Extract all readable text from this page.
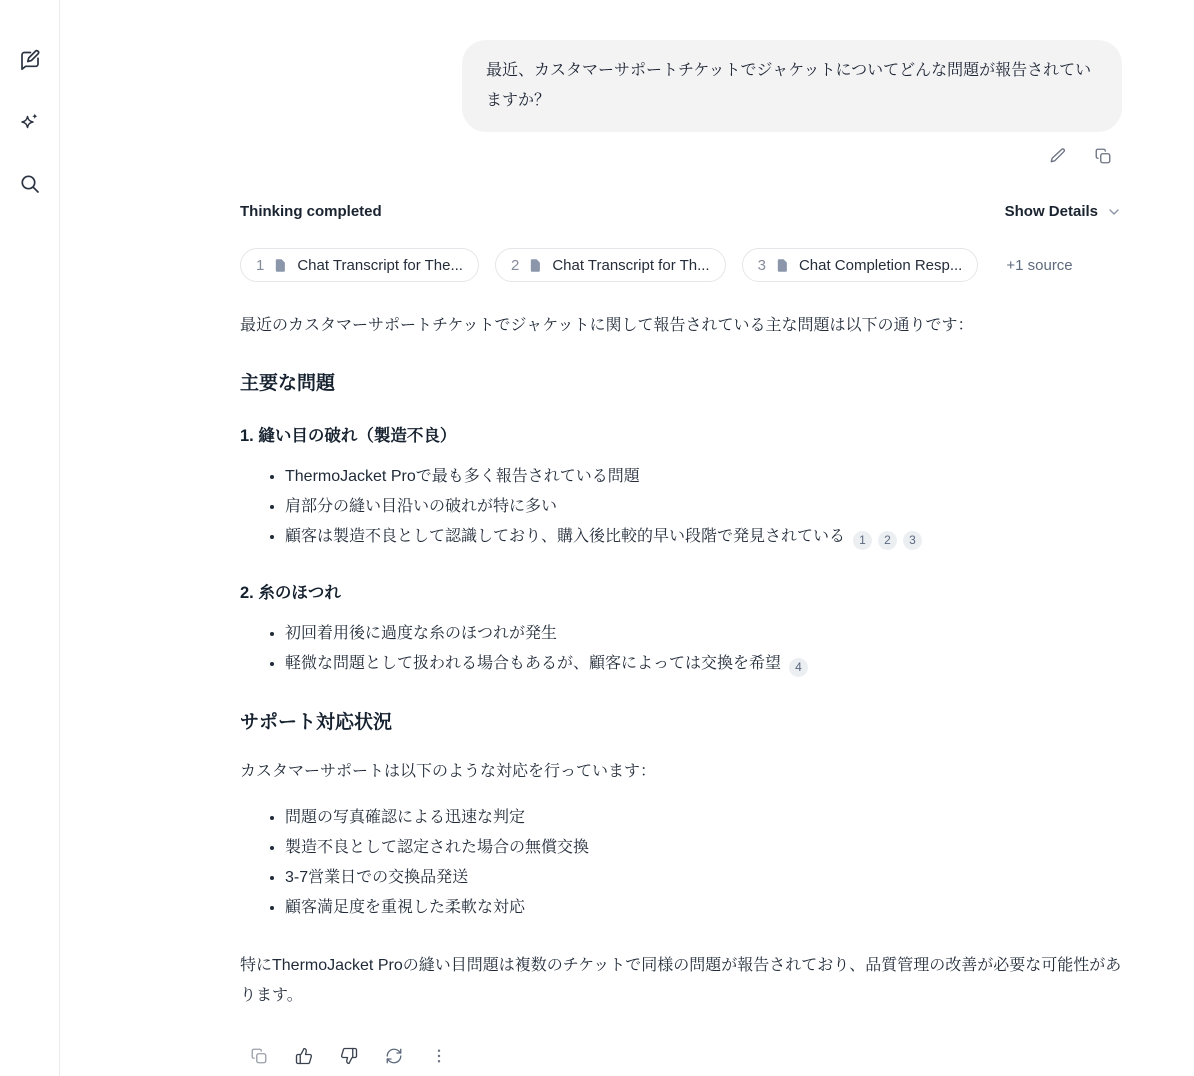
最近、カスタマーサポートチケットでジャケットについてどんな問題が報告されていますか？
Thinking completed	Show Details
1 Chat Transcript for The...	2 Chat Transcript for Th...	3 Chat Completion Resp...	+1 source

最近のカスタマーサポートチケットでジャケットに関して報告されている主な問題は以下の通りです：

主要な問題
1. 縫い目の破れ（製造不良）
• ThermoJacket Proで最も多く報告されている問題
• 肩部分の縫い目沿いの破れが特に多い
• 顧客は製造不良として認識しており、購入後比較的早い段階で発見されている	1	2	3
2. 糸のほつれ
• 初回着用後に過度な糸のほつれが発生
• 軽微な問題として扱われる場合もあるが、顧客によっては交換を希望	4
サポート対応状況

カスタマーサポートは以下のような対応を行っています：

• 問題の写真確認による迅速な判定
• 製造不良として認定された場合の無償交換
• 3-7営業日での交換品発送
• 顧客満足度を重視した柔軟な対応

特にThermoJacket Proの縫い目問題は複数のチケットで同様の問題が報告されており、品質管理の改善が必要な可能性があります。
